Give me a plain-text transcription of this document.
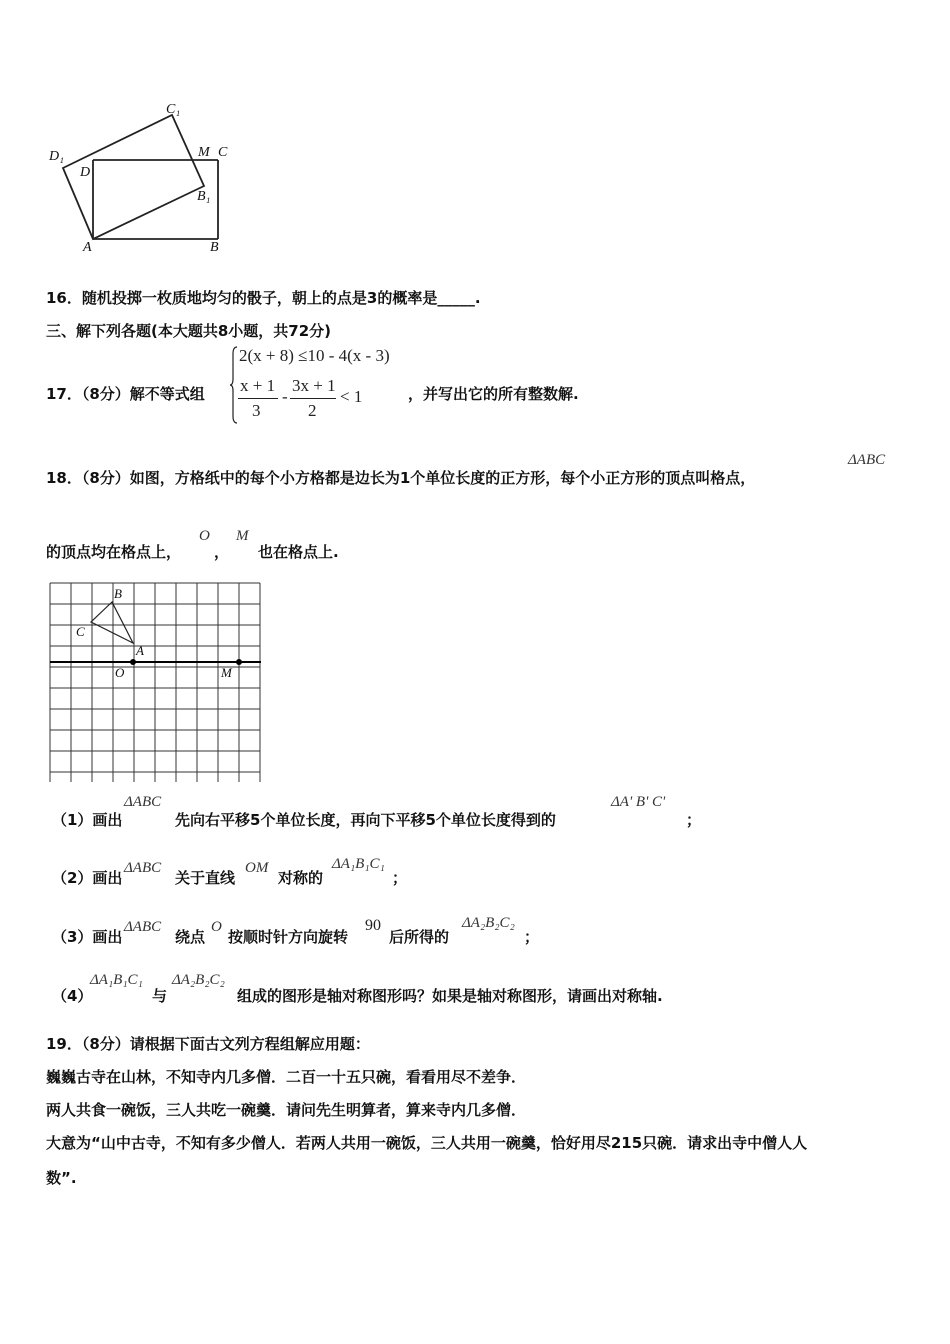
C₁
D₁
D
M C
B₁
A	B
16．随机投掷一枚质地均匀的骰子，朝上的点是3的概率是_____.
三、解下列各题(本大题共8小题，共72分)
17．（8分）解不等式组
2(x + 8) ≤10 - 4(x - 3)
x + 1
3
-
3x + 1
2
< 1	，并写出它的所有整数解.
18．（8分）如图，方格纸中的每个小方格都是边长为1个单位长度的正方形，每个小正方形的顶点叫格点，
ΔABC
的顶点均在格点上，
O
，
M
也在格点上.
B
C
A
O	M
（1）画出
ΔABC
先向右平移5个单位长度，再向下平移5个单位长度得到的
ΔA' B' C'
；
（2）画出
ΔABC
关于直线
OM
对称的
ΔA₁B₁C₁
；
（3）画出
ΔABC
绕点
O
按顺时针方向旋转
90
后所得的
ΔA₂B₂C₂
；
（4）
ΔA₁B₁C₁
与
ΔA₂B₂C₂
组成的图形是轴对称图形吗？如果是轴对称图形，请画出对称轴.
19．（8分）请根据下面古文列方程组解应用题：
巍巍古寺在山林，不知寺内几多僧．二百一十五只碗，看看用尽不差争．
两人共食一碗饭，三人共吃一碗羹．请问先生明算者，算来寺内几多僧．
大意为“山中古寺，不知有多少僧人．若两人共用一碗饭，三人共用一碗羹，恰好用尽215只碗．请求出寺中僧人人
数”.
